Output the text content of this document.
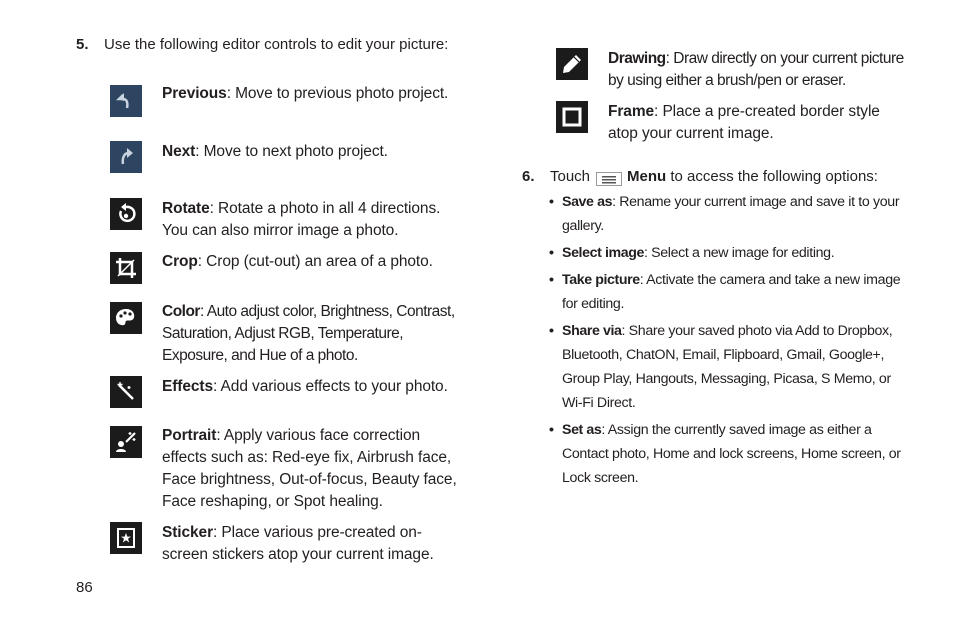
5. Use the following editor controls to edit your picture:
Previous: Move to previous photo project.
Next: Move to next photo project.
Rotate: Rotate a photo in all 4 directions. You can also mirror image a photo.
Crop: Crop (cut-out) an area of a photo.
Color: Auto adjust color, Brightness, Contrast, Saturation, Adjust RGB, Temperature, Exposure, and Hue of a photo.
Effects: Add various effects to your photo.
Portrait: Apply various face correction effects such as: Red-eye fix, Airbrush face, Face brightness, Out-of-focus, Beauty face, Face reshaping, or Spot healing.
Sticker: Place various pre-created on-screen stickers atop your current image.
Drawing: Draw directly on your current picture by using either a brush/pen or eraser.
Frame: Place a pre-created border style atop your current image.
6. Touch Menu to access the following options:
• Save as: Rename your current image and save it to your gallery.
• Select image: Select a new image for editing.
• Take picture: Activate the camera and take a new image for editing.
• Share via: Share your saved photo via Add to Dropbox, Bluetooth, ChatON, Email, Flipboard, Gmail, Google+, Group Play, Hangouts, Messaging, Picasa, S Memo, or Wi-Fi Direct.
• Set as: Assign the currently saved image as either a Contact photo, Home and lock screens, Home screen, or Lock screen.
86
